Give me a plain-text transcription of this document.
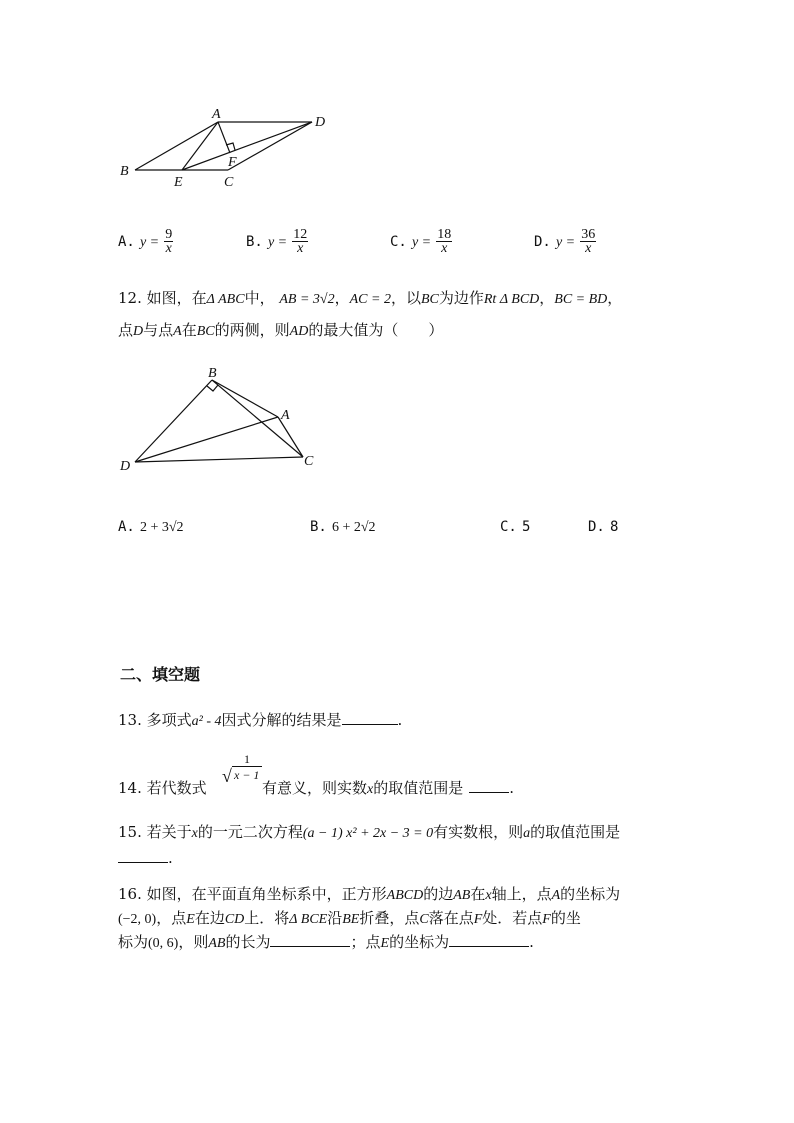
A
B
C
D
E
F
A. $y = \frac{9}{x}$	B. $y = \frac{12}{x}$	C. $y = \frac{18}{x}$	D. $y = \frac{36}{x}$
12. 如图，在Δ ABC中， AB = 3√2，AC = 2，以BC为边作Rt Δ BCD，BC = BD，
点D与点A在BC的两侧，则AD的最大值为（　　）
B
A
C
D
A. 2 + 3√2	B. 6 + 2√2	C. 5	D. 8
二、填空题
13. 多项式a² - 4因式分解的结果是	.
14. 若代数式
1
√ x − 1
有意义，则实数x的取值范围是	.
15. 若关于x的一元二次方程(a − 1) x² + 2x − 3 = 0有实数根，则a的取值范围是
.
16. 如图，在平面直角坐标系中，正方形ABCD的边AB在x轴上，点A的坐标为
(−2, 0)，点E在边CD上．将Δ BCE沿BE折叠，点C落在点F处．若点F的坐
标为(0, 6)，则AB的长为	；点E的坐标为	.
